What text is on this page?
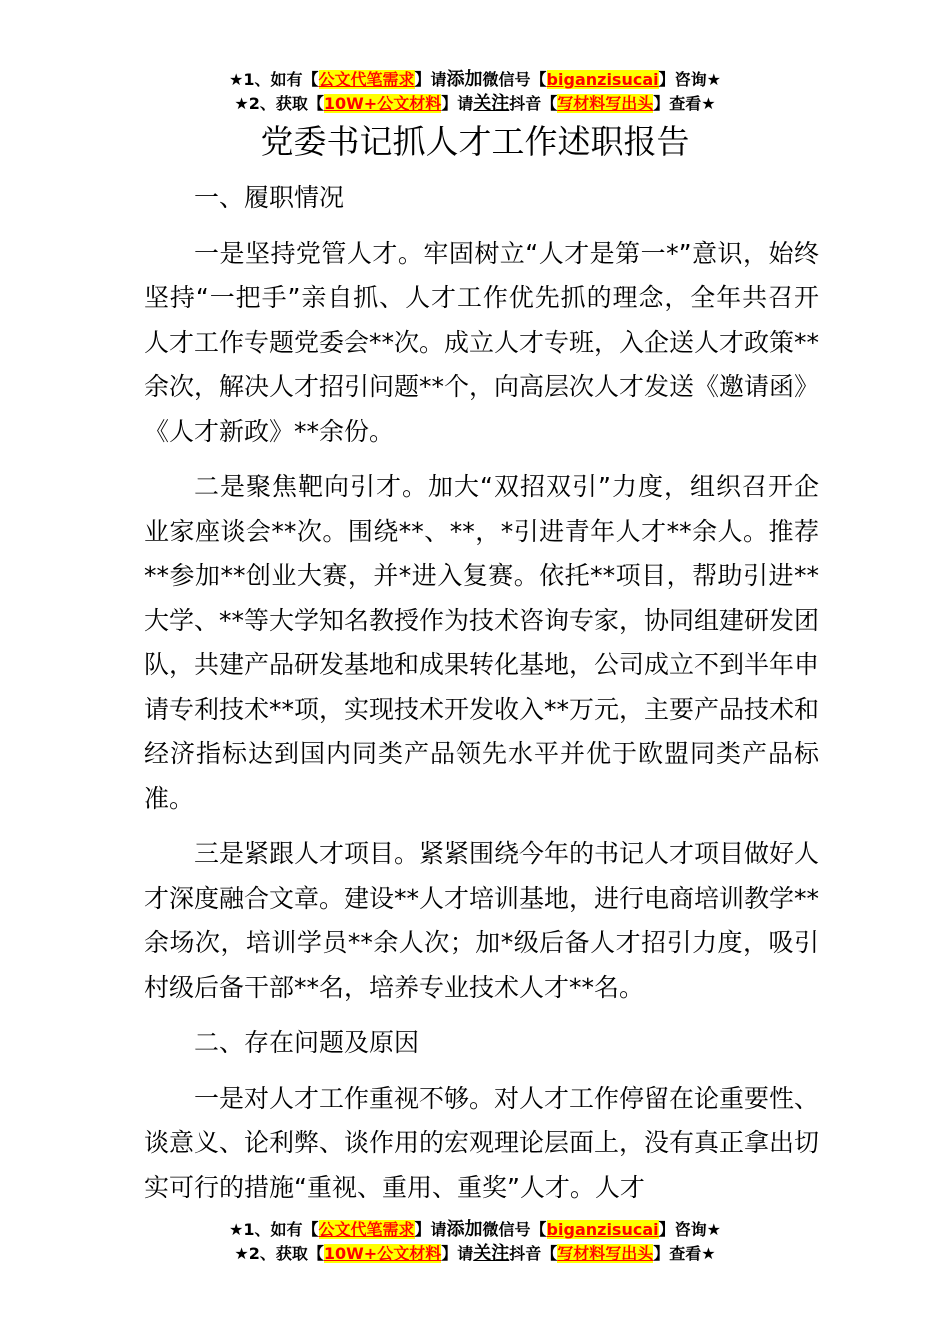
★1、如有【公文代笔需求】请添加微信号【biganzisucai】咨询★
★2、获取【10W+公文材料】请关注抖音【写材料写出头】查看★
党委书记抓人才工作述职报告

一、履职情况

一是坚持党管人才。牢固树立“人才是第一*”意识，始终坚持“一把手”亲自抓、人才工作优先抓的理念，全年共召开人才工作专题党委会**次。成立人才专班，入企送人才政策**余次，解决人才招引问题**个，向高层次人才发送《邀请函》《人才新政》**余份。

二是聚焦靶向引才。加大“双招双引”力度，组织召开企业家座谈会**次。围绕**、**，*引进青年人才**余人。推荐**参加**创业大赛，并*进入复赛。依托**项目，帮助引进**大学、**等大学知名教授作为技术咨询专家，协同组建研发团队，共建产品研发基地和成果转化基地，公司成立不到半年申请专利技术**项，实现技术开发收入**万元，主要产品技术和经济指标达到国内同类产品领先水平并优于欧盟同类产品标准。

三是紧跟人才项目。紧紧围绕今年的书记人才项目做好人才深度融合文章。建设**人才培训基地，进行电商培训教学**余场次，培训学员**余人次；加*级后备人才招引力度，吸引村级后备干部**名，培养专业技术人才**名。

二、存在问题及原因

一是对人才工作重视不够。对人才工作停留在论重要性、谈意义、论利弊、谈作用的宏观理论层面上，没有真正拿出切实可行的措施“重视、重用、重奖”人才。人才

★1、如有【公文代笔需求】请添加微信号【biganzisucai】咨询★
★2、获取【10W+公文材料】请关注抖音【写材料写出头】查看★
